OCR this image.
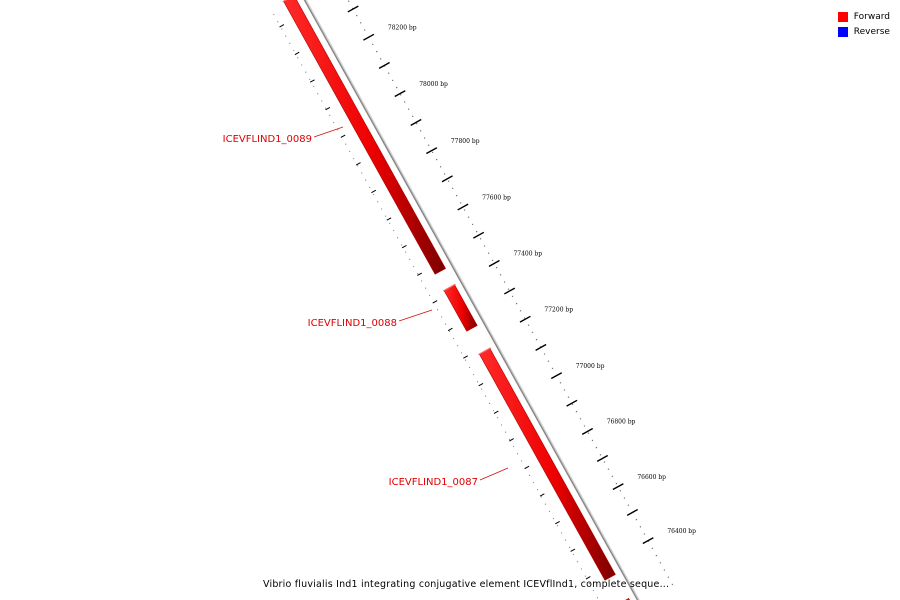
78200 bp
78000 bp
77800 bp
77600 bp
77400 bp
77200 bp
77000 bp
76800 bp
76600 bp
76400 bp
ICEVFLIND1_0089
ICEVFLIND1_0088
ICEVFLIND1_0087
Forward
Reverse
Vibrio fluvialis Ind1 integrating conjugative element ICEVflInd1, complete seque...
